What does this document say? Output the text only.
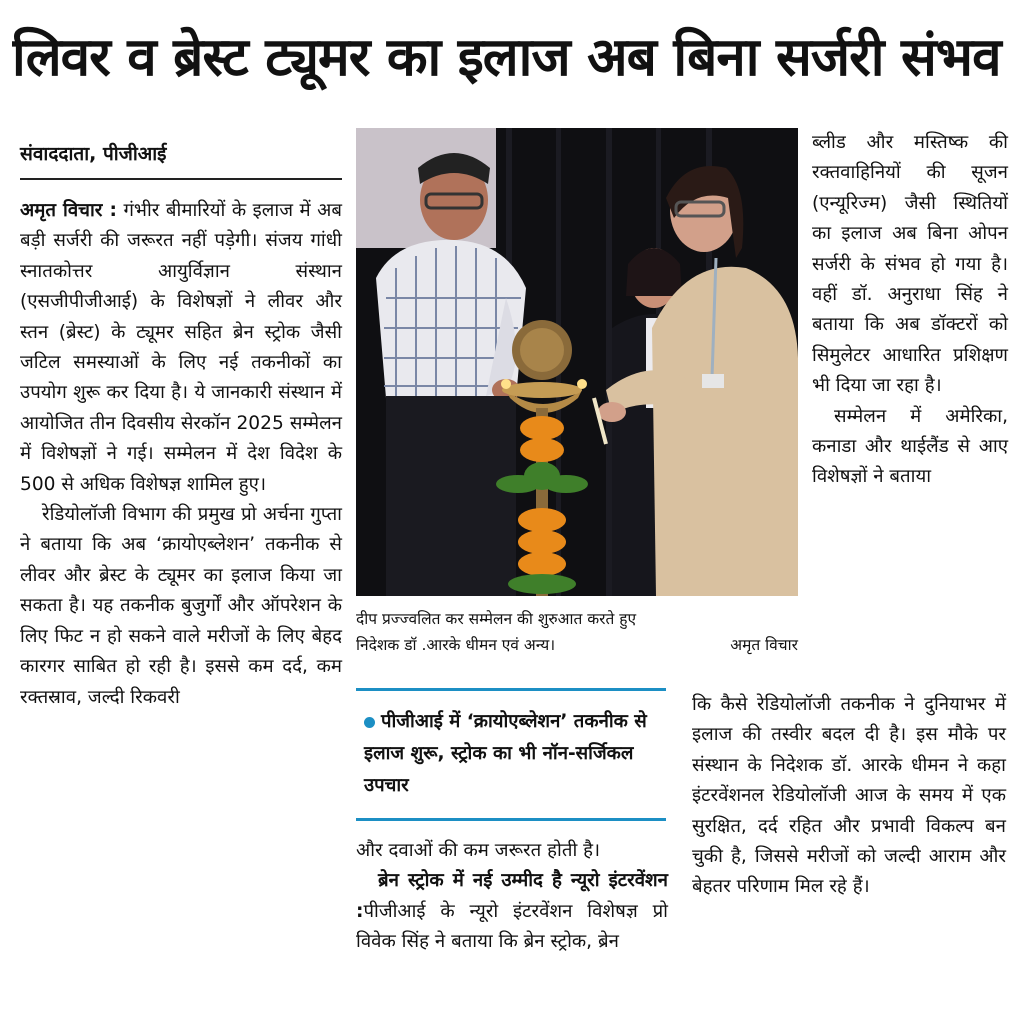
लिवर व ब्रेस्ट ट्यूमर का इलाज अब बिना सर्जरी संभव
संवाददाता, पीजीआई

अमृत विचार : गंभीर बीमारियों के इलाज में अब बड़ी सर्जरी की जरूरत नहीं पड़ेगी। संजय गांधी स्नातकोत्तर आयुर्विज्ञान संस्थान (एसजीपीजीआई) के विशेषज्ञों ने लीवर और स्तन (ब्रेस्ट) के ट्यूमर सहित ब्रेन स्ट्रोक जैसी जटिल समस्याओं के लिए नई तकनीकों का उपयोग शुरू कर दिया है। ये जानकारी संस्थान में आयोजित तीन दिवसीय सेरकॉन 2025 सम्मेलन में विशेषज्ञों ने गई। सम्मेलन में देश विदेश के 500 से अधिक विशेषज्ञ शामिल हुए।

रेडियोलॉजी विभाग की प्रमुख प्रो अर्चना गुप्ता ने बताया कि अब ‘क्रायोएब्लेशन’ तकनीक से लीवर और ब्रेस्ट के ट्यूमर का इलाज किया जा सकता है। यह तकनीक बुजुर्गों और ऑपरेशन के लिए फिट न हो सकने वाले मरीजों के लिए बेहद कारगर साबित हो रही है। इससे कम दर्द, कम रक्तस्राव, जल्दी रिकवरी

दीप प्रज्ज्वलित कर सम्मेलन की शुरुआत करते हुए
निदेशक डॉ .आरके धीमन एवं अन्य।	अमृत विचार

ब्लीड और मस्तिष्क की रक्तवाहिनियों की सूजन (एन्यूरिज्म) जैसी स्थितियों का इलाज अब बिना ओपन सर्जरी के संभव हो गया है। वहीं डॉ. अनुराधा सिंह ने बताया कि अब डॉक्टरों को सिमुलेटर आधारित प्रशिक्षण भी दिया जा रहा है।

सम्मेलन में अमेरिका, कनाडा और थाईलैंड से आए विशेषज्ञों ने बताया

पीजीआई में ‘क्रायोएब्लेशन’ तकनीक से इलाज शुरू, स्ट्रोक का भी नॉन-सर्जिकल उपचार

और दवाओं की कम जरूरत होती है।

ब्रेन स्ट्रोक में नई उम्मीद है न्यूरो इंटरवेंशन :पीजीआई के न्यूरो इंटरवेंशन विशेषज्ञ प्रो विवेक सिंह ने बताया कि ब्रेन स्ट्रोक, ब्रेन

कि कैसे रेडियोलॉजी तकनीक ने दुनियाभर में इलाज की तस्वीर बदल दी है। इस मौके पर संस्थान के निदेशक डॉ. आरके धीमन ने कहा इंटरवेंशनल रेडियोलॉजी आज के समय में एक सुरक्षित, दर्द रहित और प्रभावी विकल्प बन चुकी है, जिससे मरीजों को जल्दी आराम और बेहतर परिणाम मिल रहे हैं।
